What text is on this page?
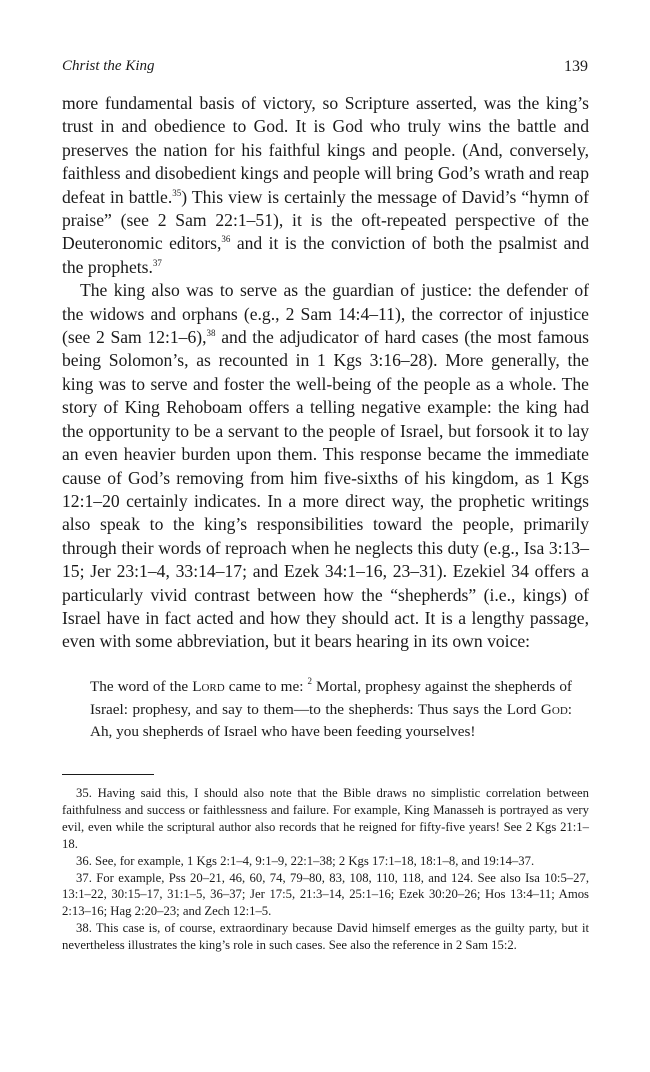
Christ the King	139

more fundamental basis of victory, so Scripture asserted, was the king’s trust in and obedience to God. It is God who truly wins the battle and preserves the nation for his faithful kings and people. (And, conversely, faithless and disobedient kings and people will bring God’s wrath and reap defeat in battle.$^{35}$) This view is certainly the message of David’s “hymn of praise” (see 2 Sam 22:1–51), it is the oft-repeated perspective of the Deuteronomic editors,$^{36}$ and it is the conviction of both the psalmist and the prophets.$^{37}$

The king also was to serve as the guardian of justice: the defender of the widows and orphans (e.g., 2 Sam 14:4–11), the corrector of injustice (see 2 Sam 12:1–6),$^{38}$ and the adjudicator of hard cases (the most famous being Solomon’s, as recounted in 1 Kgs 3:16–28). More generally, the king was to serve and foster the well-being of the people as a whole. The story of King Rehoboam offers a telling negative example: the king had the opportunity to be a servant to the people of Israel, but forsook it to lay an even heavier burden upon them. This response became the immediate cause of God’s removing from him five-sixths of his kingdom, as 1 Kgs 12:1–20 certainly indicates. In a more direct way, the prophetic writings also speak to the king’s responsibilities toward the people, primarily through their words of reproach when he neglects this duty (e.g., Isa 3:13–15; Jer 23:1–4, 33:14–17; and Ezek 34:1–16, 23–31). Ezekiel 34 offers a particularly vivid contrast between how the “shepherds” (i.e., kings) of Israel have in fact acted and how they should act. It is a lengthy passage, even with some abbreviation, but it bears hearing in its own voice:

The word of the Lord came to me: $^2$ Mortal, prophesy against the shepherds of Israel: prophesy, and say to them—to the shepherds: Thus says the Lord God: Ah, you shepherds of Israel who have been feeding yourselves!

35. Having said this, I should also note that the Bible draws no simplistic correlation between faithfulness and success or faithlessness and failure. For example, King Manasseh is portrayed as very evil, even while the scriptural author also records that he reigned for fifty-five years! See 2 Kgs 21:1–18.

36. See, for example, 1 Kgs 2:1–4, 9:1–9, 22:1–38; 2 Kgs 17:1–18, 18:1–8, and 19:14–37.

37. For example, Pss 20–21, 46, 60, 74, 79–80, 83, 108, 110, 118, and 124. See also Isa 10:5–27, 13:1–22, 30:15–17, 31:1–5, 36–37; Jer 17:5, 21:3–14, 25:1–16; Ezek 30:20–26; Hos 13:4–11; Amos 2:13–16; Hag 2:20–23; and Zech 12:1–5.

38. This case is, of course, extraordinary because David himself emerges as the guilty party, but it nevertheless illustrates the king’s role in such cases. See also the reference in 2 Sam 15:2.
